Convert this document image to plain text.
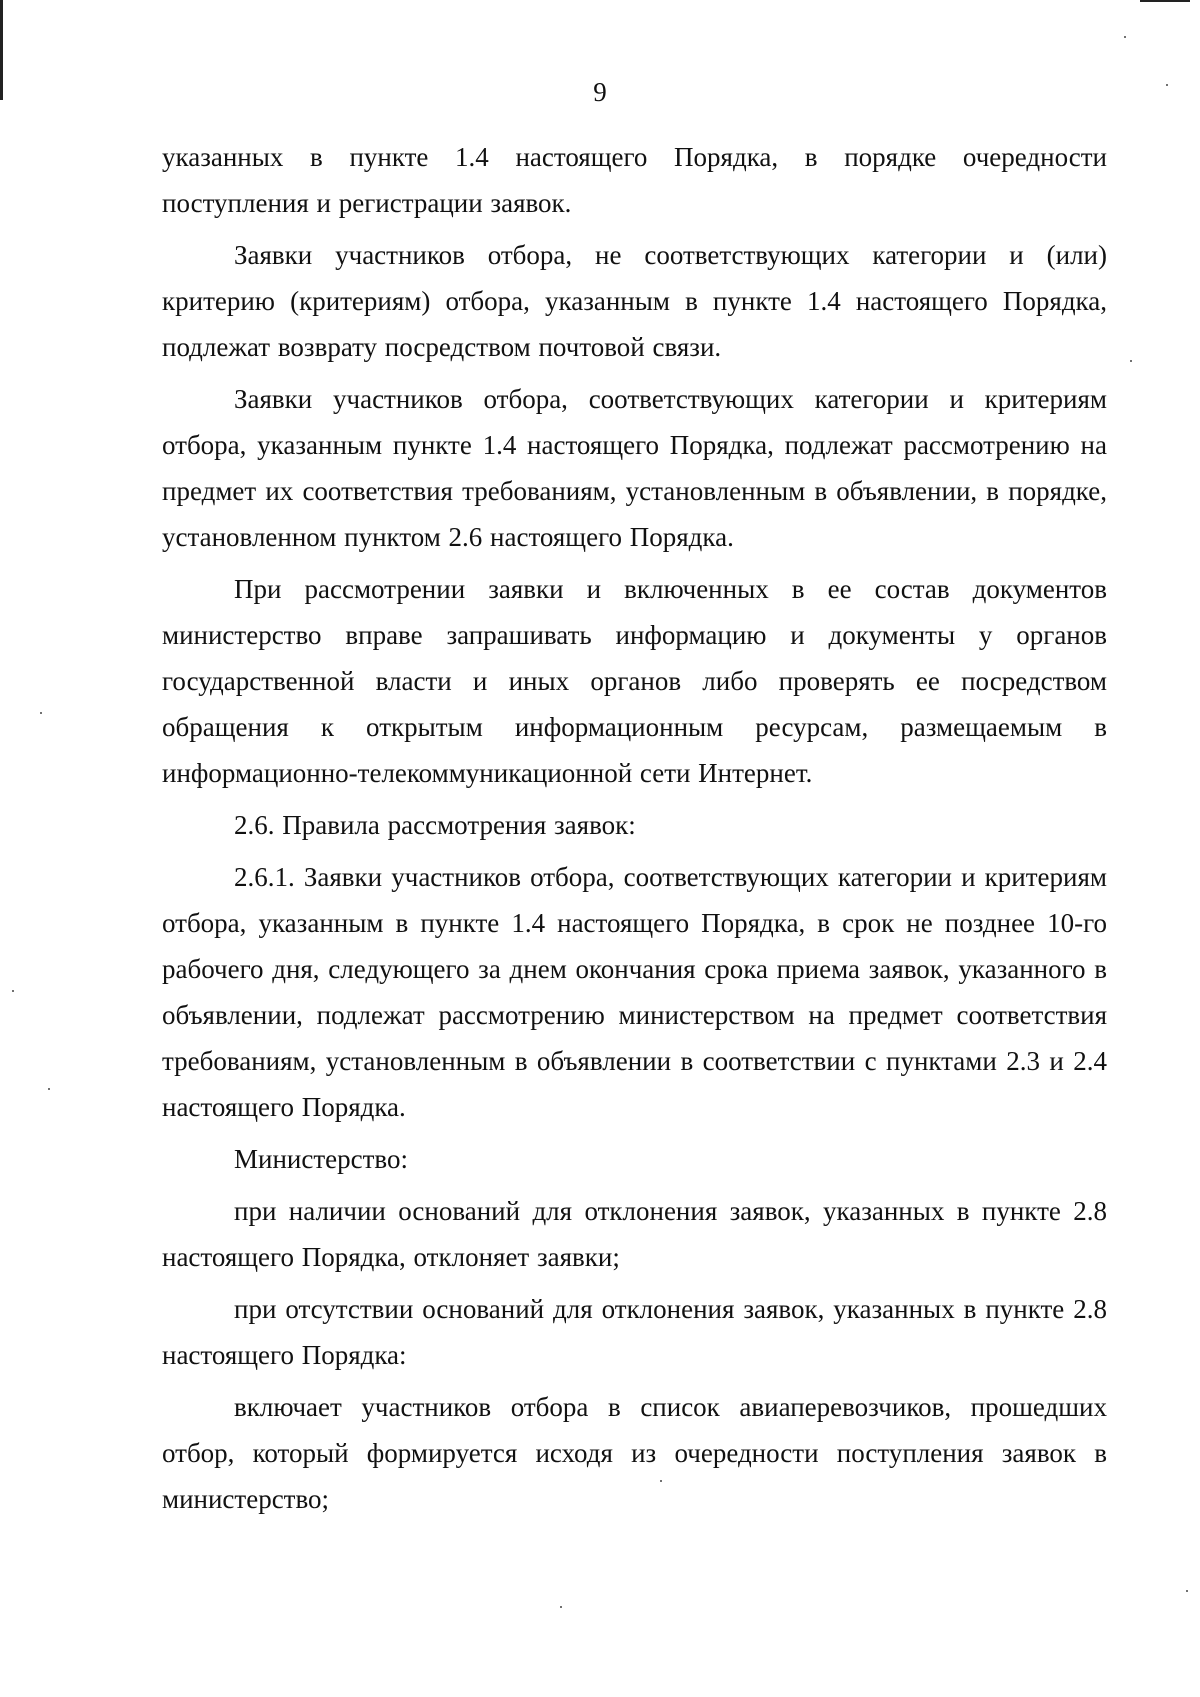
9

указанных в пункте 1.4 настоящего Порядка, в порядке очередности поступления и регистрации заявок.

Заявки участников отбора, не соответствующих категории и (или) критерию (критериям) отбора, указанным в пункте 1.4 настоящего Порядка, подлежат возврату посредством почтовой связи.

Заявки участников отбора, соответствующих категории и критериям отбора, указанным пункте 1.4 настоящего Порядка, подлежат рассмотрению на предмет их соответствия требованиям, установленным в объявлении, в порядке, установленном пунктом 2.6 настоящего Порядка.

При рассмотрении заявки и включенных в ее состав документов министерство вправе запрашивать информацию и документы у органов государственной власти и иных органов либо проверять ее посредством обращения к открытым информационным ресурсам, размещаемым в информационно-телекоммуникационной сети Интернет.

2.6. Правила рассмотрения заявок:

2.6.1. Заявки участников отбора, соответствующих категории и критериям отбора, указанным в пункте 1.4 настоящего Порядка, в срок не позднее 10-го рабочего дня, следующего за днем окончания срока приема заявок, указанного в объявлении, подлежат рассмотрению министерством на предмет соответствия требованиям, установленным в объявлении в соответствии с пунктами 2.3 и 2.4 настоящего Порядка.

Министерство:

при наличии оснований для отклонения заявок, указанных в пункте 2.8 настоящего Порядка, отклоняет заявки;

при отсутствии оснований для отклонения заявок, указанных в пункте 2.8 настоящего Порядка:

включает участников отбора в список авиаперевозчиков, прошедших отбор, который формируется исходя из очередности поступления заявок в министерство;
